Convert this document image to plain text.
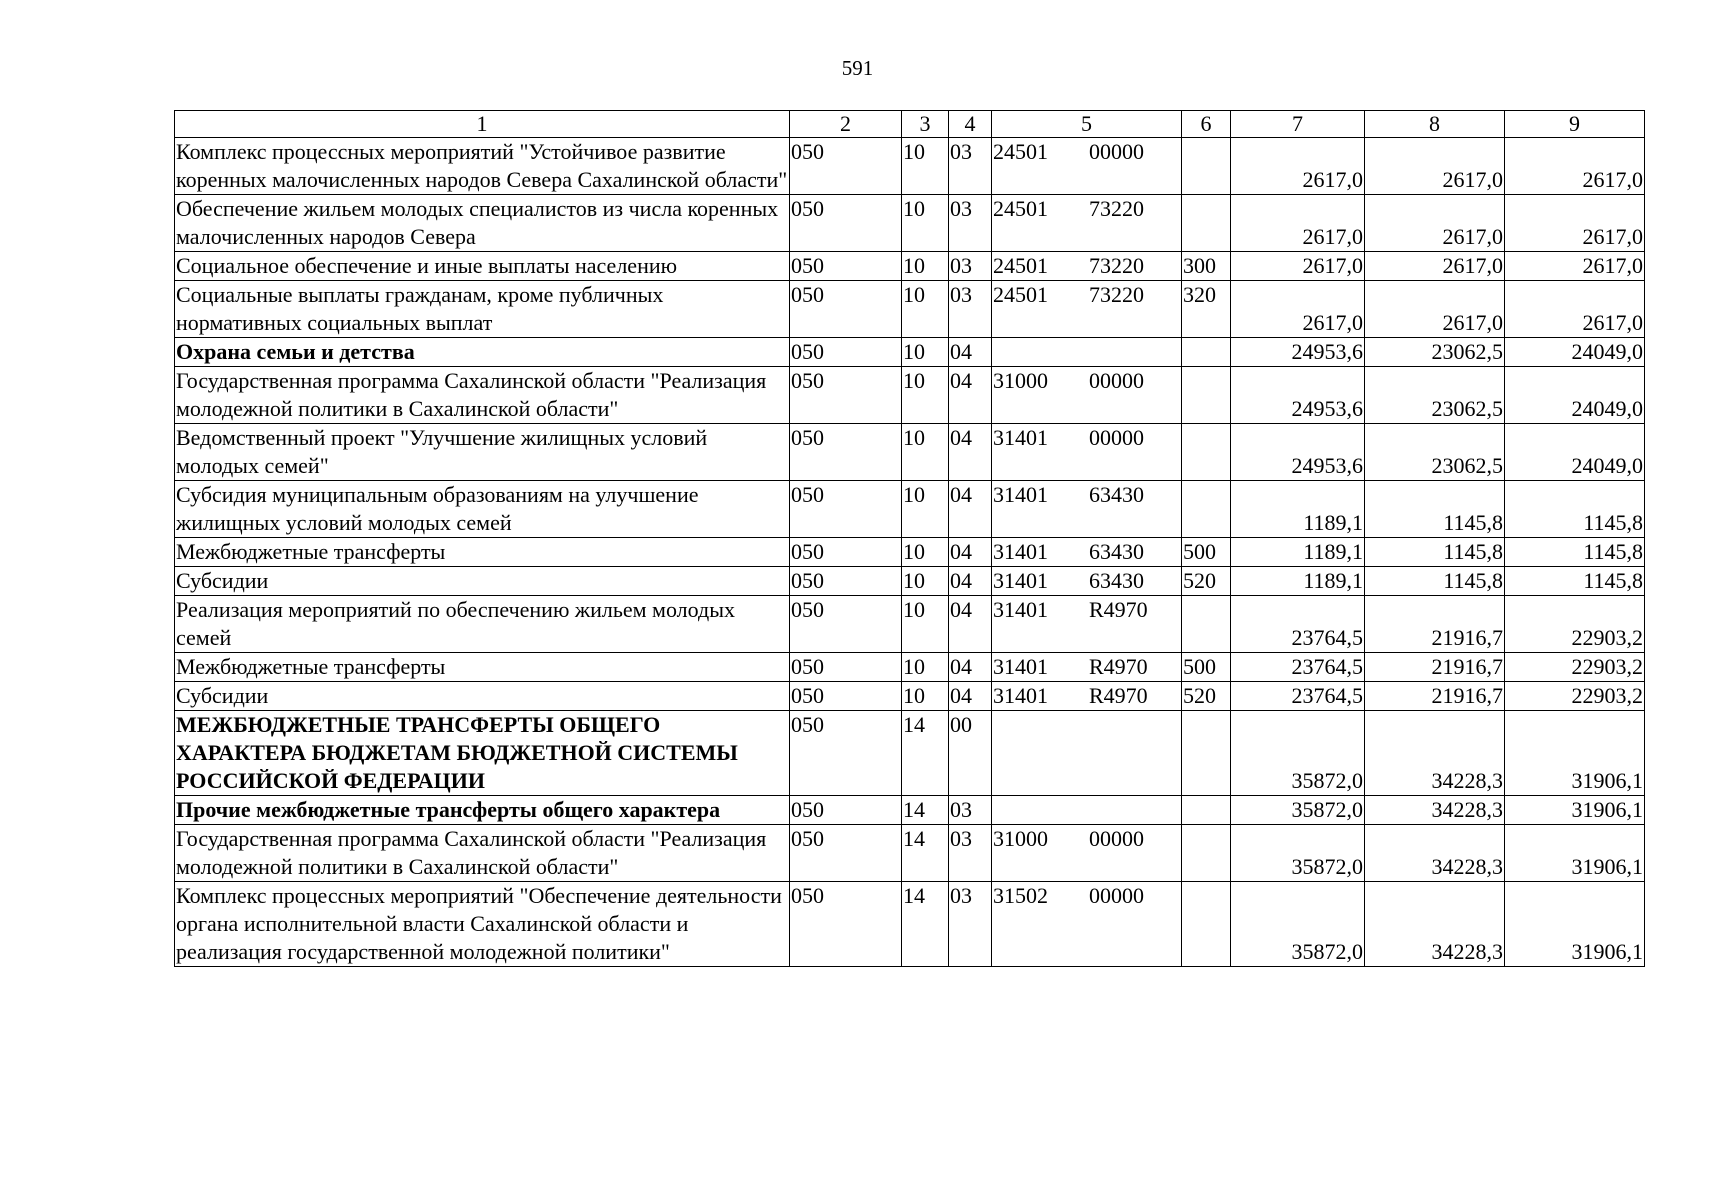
591
1	2	3	4	5	6	7	8	9
Комплекс процессных мероприятий "Устойчивое развитие коренных малочисленных народов Севера Сахалинской области"	050	10	03	24501 00000		2617,0	2617,0	2617,0
Обеспечение жильем молодых специалистов из числа коренных малочисленных народов Севера	050	10	03	24501 73220		2617,0	2617,0	2617,0
Социальное обеспечение и иные выплаты населению	050	10	03	24501 73220	300	2617,0	2617,0	2617,0
Социальные выплаты гражданам, кроме публичных нормативных социальных выплат	050	10	03	24501 73220	320	2617,0	2617,0	2617,0
Охрана семьи и детства	050	10	04			24953,6	23062,5	24049,0
Государственная программа Сахалинской области "Реализация молодежной политики в Сахалинской области"	050	10	04	31000 00000		24953,6	23062,5	24049,0
Ведомственный проект "Улучшение жилищных условий молодых семей"	050	10	04	31401 00000		24953,6	23062,5	24049,0
Субсидия муниципальным образованиям на улучшение жилищных условий молодых семей	050	10	04	31401 63430		1189,1	1145,8	1145,8
Межбюджетные трансферты	050	10	04	31401 63430	500	1189,1	1145,8	1145,8
Субсидии	050	10	04	31401 63430	520	1189,1	1145,8	1145,8
Реализация мероприятий по обеспечению жильем молодых семей	050	10	04	31401 R4970		23764,5	21916,7	22903,2
Межбюджетные трансферты	050	10	04	31401 R4970	500	23764,5	21916,7	22903,2
Субсидии	050	10	04	31401 R4970	520	23764,5	21916,7	22903,2
МЕЖБЮДЖЕТНЫЕ ТРАНСФЕРТЫ ОБЩЕГО ХАРАКТЕРА БЮДЖЕТАМ БЮДЖЕТНОЙ СИСТЕМЫ РОССИЙСКОЙ ФЕДЕРАЦИИ	050	14	00			35872,0	34228,3	31906,1
Прочие межбюджетные трансферты общего характера	050	14	03			35872,0	34228,3	31906,1
Государственная программа Сахалинской области "Реализация молодежной политики в Сахалинской области"	050	14	03	31000 00000		35872,0	34228,3	31906,1
Комплекс процессных мероприятий "Обеспечение деятельности органа исполнительной власти Сахалинской области и реализация государственной молодежной политики"	050	14	03	31502 00000		35872,0	34228,3	31906,1
